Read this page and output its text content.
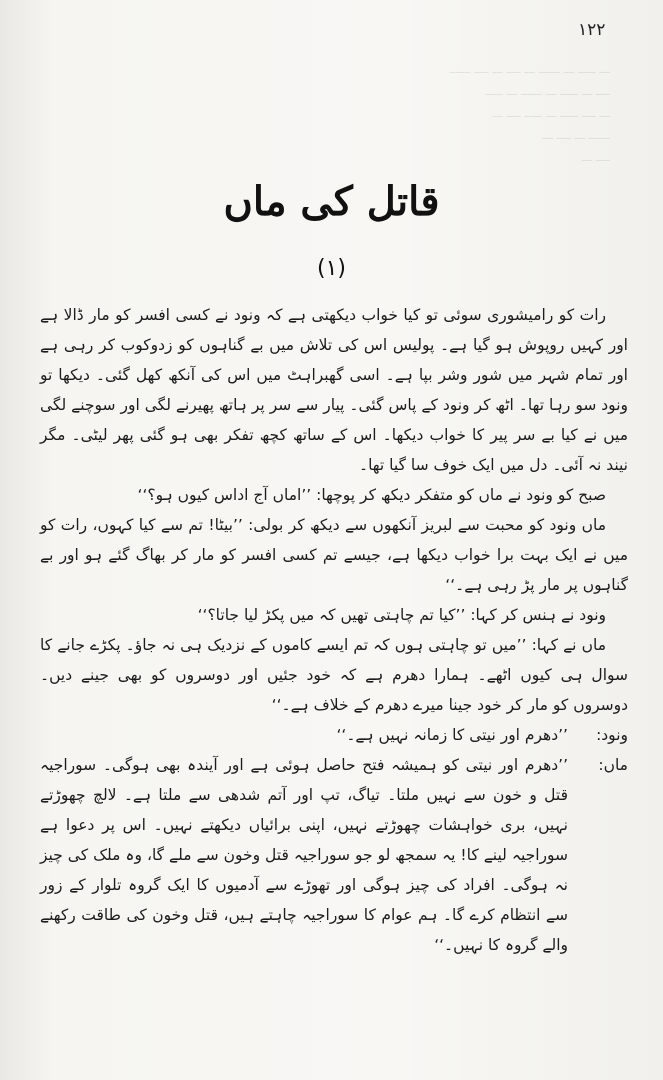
۱۲۲
‏ـــ ـــــ ـــ ــــــ ـــ ــــ ـــ ــــ ــــــ
‏ــــ ـــ ـــــ ـــ ــــــ ـــ ـــــ
‏ـــ ــــ ـــــ ـــ ـــــ ــــ ـــ
‏ــــــ ـــ ــــ ـــ
‏ــــ ـــ
قاتل کی ماں
(۱)

رات کو رامیشوری سوئی تو کیا خواب دیکھتی ہے کہ ونود نے کسی افسر کو مار ڈالا ہے اور کہیں روپوش ہو گیا ہے۔ پولیس اس کی تلاش میں بے گناہوں کو زدوکوب کر رہی ہے اور تمام شہر میں شور وشر بپا ہے۔ اسی گھبراہٹ میں اس کی آنکھ کھل گئی۔ دیکھا تو ونود سو رہا تھا۔ اٹھ کر ونود کے پاس گئی۔ پیار سے سر پر ہاتھ پھیرنے لگی اور سوچنے لگی میں نے کیا بے سر پیر کا خواب دیکھا۔ اس کے ساتھ کچھ تفکر بھی ہو گئی پھر لیٹی۔ مگر نیند نہ آئی۔ دل میں ایک خوف سا گیا تھا۔

صبح کو ونود نے ماں کو متفکر دیکھ کر پوچھا: ’’اماں آج اداس کیوں ہو؟‘‘

ماں ونود کو محبت سے لبریز آنکھوں سے دیکھ کر بولی: ’’بیٹا! تم سے کیا کہوں، رات کو میں نے ایک بہت برا خواب دیکھا ہے، جیسے تم کسی افسر کو مار کر بھاگ گئے ہو اور بے گناہوں پر مار پڑ رہی ہے۔‘‘

ونود نے ہنس کر کہا: ’’کیا تم چاہتی تھیں کہ میں پکڑ لیا جاتا؟‘‘

ماں نے کہا: ’’میں تو چاہتی ہوں کہ تم ایسے کاموں کے نزدیک ہی نہ جاؤ۔ پکڑے جانے کا سوال ہی کیوں اٹھے۔ ہمارا دھرم ہے کہ خود جئیں اور دوسروں کو بھی جینے دیں۔ دوسروں کو مار کر خود جینا میرے دھرم کے خلاف ہے۔‘‘

ونود:
’’دھرم اور نیتی کا زمانہ نہیں ہے۔‘‘
ماں:
’’دھرم اور نیتی کو ہمیشہ فتح حاصل ہوئی ہے اور آیندہ بھی ہوگی۔ سوراجیہ قتل و خون سے نہیں ملتا۔ تیاگ، تپ اور آتم شدھی سے ملتا ہے۔ لالچ چھوڑتے نہیں، بری خواہشات چھوڑتے نہیں، اپنی برائیاں دیکھتے نہیں۔ اس پر دعوا ہے سوراجیہ لینے کا! یہ سمجھ لو جو سوراجیہ قتل وخون سے ملے گا، وہ ملک کی چیز نہ ہوگی۔ افراد کی چیز ہوگی اور تھوڑے سے آدمیوں کا ایک گروہ تلوار کے زور سے انتظام کرے گا۔ ہم عوام کا سوراجیہ چاہتے ہیں، قتل وخون کی طاقت رکھنے والے گروہ کا نہیں۔‘‘
